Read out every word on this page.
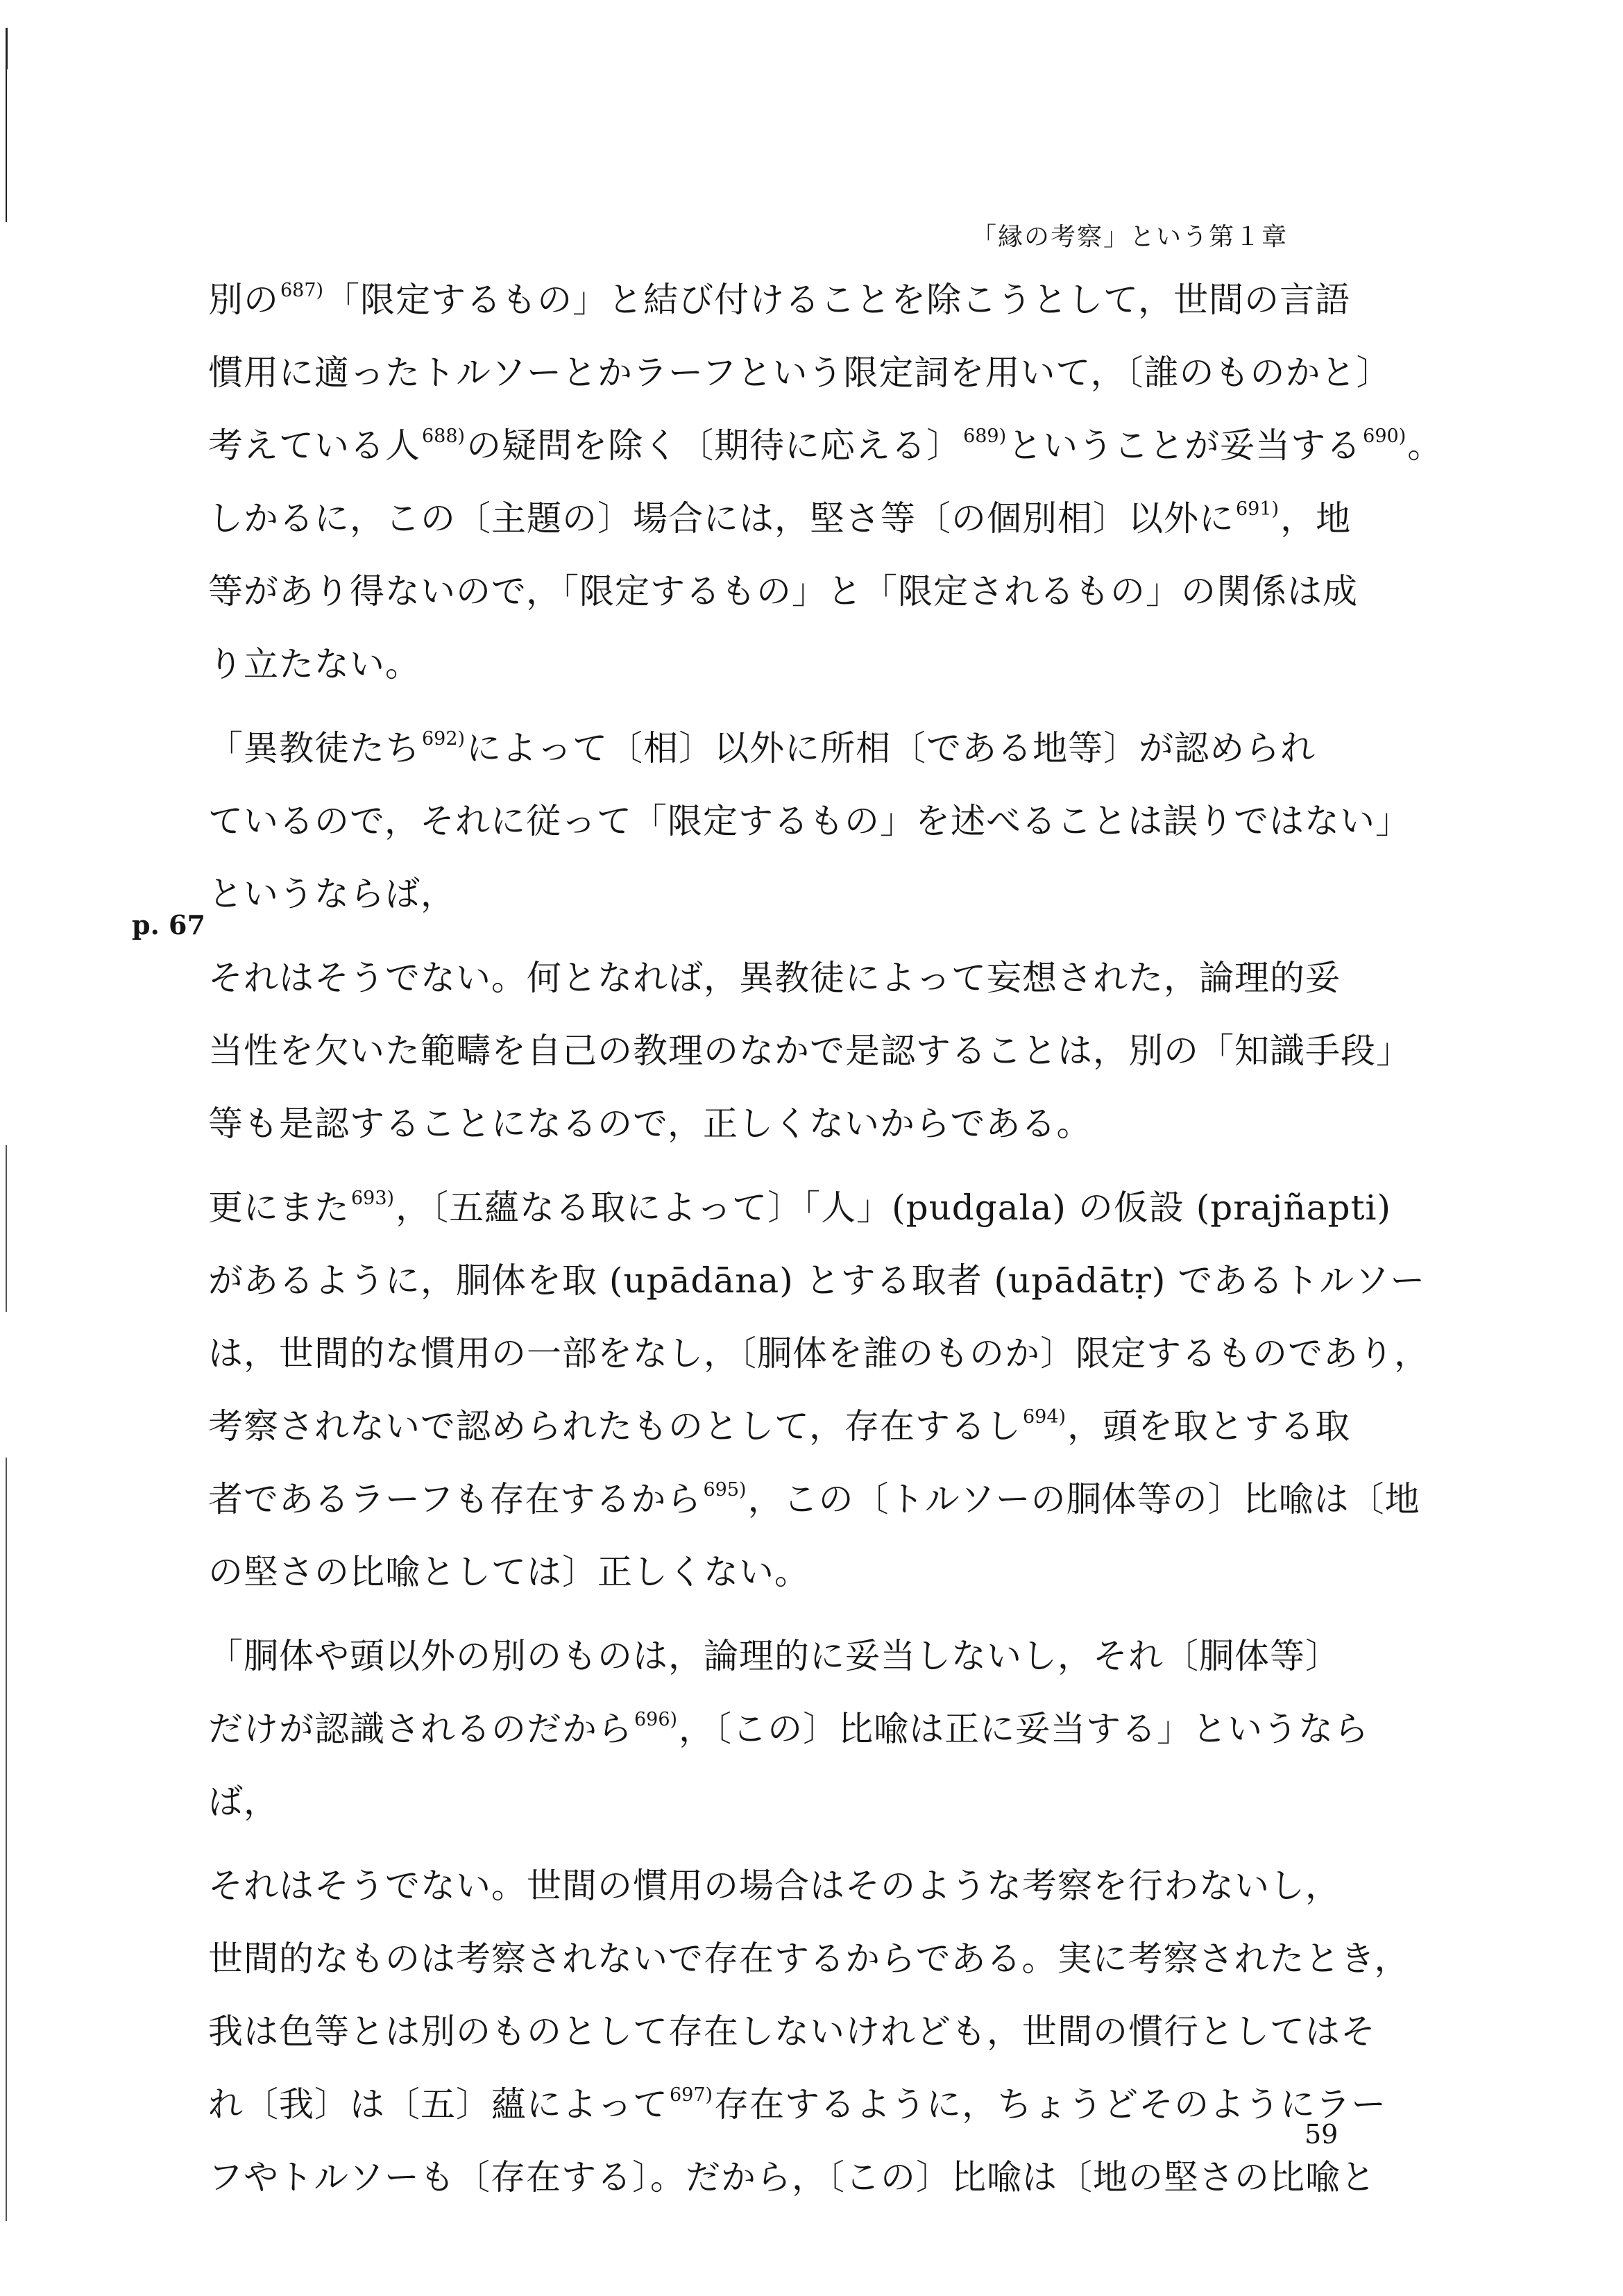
「縁の考察」という第１章
p. 67
別の$^{687)}$「限定するもの」と結び付けることを除こうとして，世間の言語
慣用に適ったトルソーとかラーフという限定詞を用いて，〔誰のものかと〕
考えている人$^{688)}$の疑問を除く〔期待に応える〕$^{689)}$ということが妥当する$^{690)}$。
しかるに，この〔主題の〕場合には，堅さ等〔の個別相〕以外に$^{691)}$，地
等があり得ないので，「限定するもの」と「限定されるもの」の関係は成
り立たない。
「異教徒たち$^{692)}$によって〔相〕以外に所相〔である地等〕が認められ
ているので，それに従って「限定するもの」を述べることは誤りではない」
というならば，
それはそうでない。何となれば，異教徒によって妄想された，論理的妥
当性を欠いた範疇を自己の教理のなかで是認することは，別の「知識手段」
等も是認することになるので，正しくないからである。
更にまた$^{693)}$，〔五蘊なる取によって〕「人」(pudgala) の仮設 (prajñapti)
があるように，胴体を取 (upādāna) とする取者 (upādātṛ) であるトルソー
は，世間的な慣用の一部をなし，〔胴体を誰のものか〕限定するものであり，
考察されないで認められたものとして，存在するし$^{694)}$，頭を取とする取
者であるラーフも存在するから$^{695)}$，この〔トルソーの胴体等の〕比喩は〔地
の堅さの比喩としては〕正しくない。
「胴体や頭以外の別のものは，論理的に妥当しないし，それ〔胴体等〕
だけが認識されるのだから$^{696)}$，〔この〕比喩は正に妥当する」というなら
ば，
それはそうでない。世間の慣用の場合はそのような考察を行わないし，
世間的なものは考察されないで存在するからである。実に考察されたとき，
我は色等とは別のものとして存在しないけれども，世間の慣行としてはそ
れ〔我〕は〔五〕蘊によって$^{697)}$存在するように，ちょうどそのようにラー
フやトルソーも〔存在する〕。だから，〔この〕比喩は〔地の堅さの比喩と
59
